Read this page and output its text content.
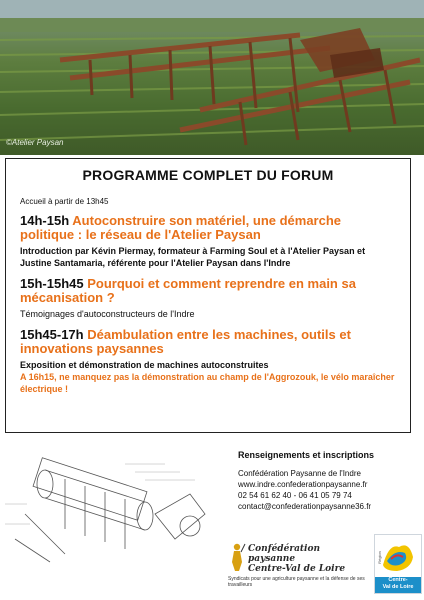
©Atelier Paysan
PROGRAMME COMPLET DU FORUM
Accueil à partir de 13h45
14h-15h Autoconstruire son matériel, une démarche politique : le réseau de l'Atelier Paysan
Introduction par Kévin Piermay, formateur à Farming Soul et à l'Atelier Paysan et Justine Santamaria, référente pour l'Atelier Paysan dans l'Indre
15h-15h45 Pourquoi et comment reprendre en main sa mécanisation ?
Témoignages d'autoconstructeurs de l'Indre
15h45-17h Déambulation entre les machines, outils et innovations paysannes
Exposition et démonstration de machines autoconstruites
A 16h15, ne manquez pas la démonstration au champ de l'Aggrozouk, le vélo maraîcher électrique !
Renseignements et inscriptions
Confédération Paysanne de l'Indre
www.indre.confederationpaysanne.fr
02 54 61 62 40 - 06 41 05 79 74
contact@confederationpaysanne36.fr
Confédération paysanne
Centre-Val de Loire
Syndicats pour une agriculture paysanne et la défense de ses travailleurs
Région
Centre-
Val de Loire
